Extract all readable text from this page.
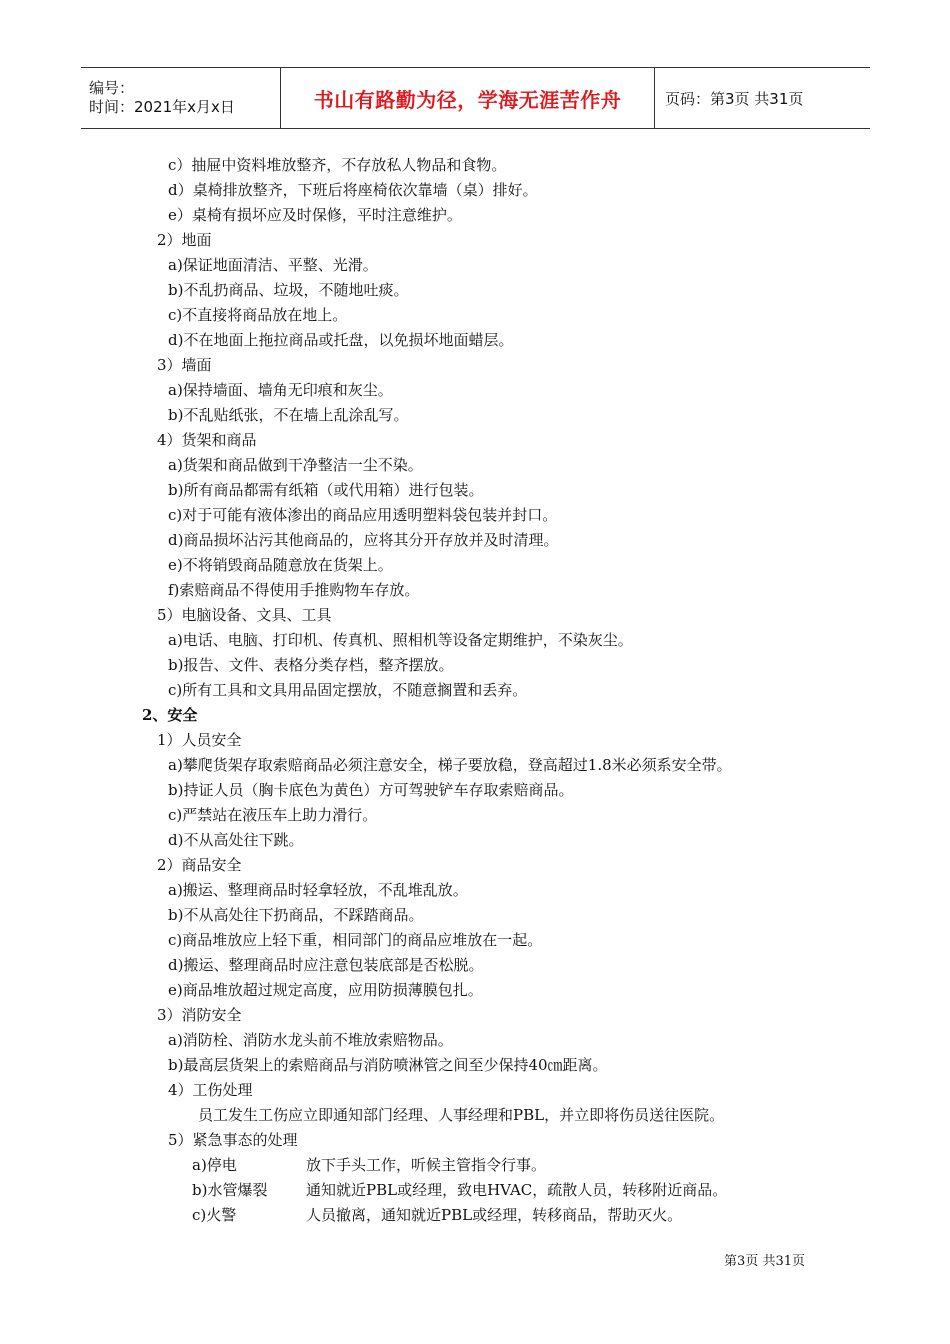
编号：
时间：2021年x月x日	书山有路勤为径，学海无涯苦作舟	页码：第3页 共31页
c）抽屉中资料堆放整齐，不存放私人物品和食物。
d）桌椅排放整齐，下班后将座椅依次靠墙（桌）排好。
e）桌椅有损坏应及时保修，平时注意维护。
2）地面
a)保证地面清洁、平整、光滑。
b)不乱扔商品、垃圾，不随地吐痰。
c)不直接将商品放在地上。
d)不在地面上拖拉商品或托盘，以免损坏地面蜡层。
3）墙面
a)保持墙面、墙角无印痕和灰尘。
b)不乱贴纸张，不在墙上乱涂乱写。
4）货架和商品
a)货架和商品做到干净整洁一尘不染。
b)所有商品都需有纸箱（或代用箱）进行包装。
c)对于可能有液体渗出的商品应用透明塑料袋包装并封口。
d)商品损坏沾污其他商品的，应将其分开存放并及时清理。
e)不将销毁商品随意放在货架上。
f)索赔商品不得使用手推购物车存放。
5）电脑设备、文具、工具
a)电话、电脑、打印机、传真机、照相机等设备定期维护，不染灰尘。
b)报告、文件、表格分类存档，整齐摆放。
c)所有工具和文具用品固定摆放，不随意搁置和丢弃。
2、安全
1）人员安全
a)攀爬货架存取索赔商品必须注意安全，梯子要放稳，登高超过1.8米必须系安全带。
b)持证人员（胸卡底色为黄色）方可驾驶铲车存取索赔商品。
c)严禁站在液压车上助力滑行。
d)不从高处往下跳。
2）商品安全
a)搬运、整理商品时轻拿轻放，不乱堆乱放。
b)不从高处往下扔商品，不踩踏商品。
c)商品堆放应上轻下重，相同部门的商品应堆放在一起。
d)搬运、整理商品时应注意包装底部是否松脱。
e)商品堆放超过规定高度，应用防损薄膜包扎。
3）消防安全
a)消防栓、消防水龙头前不堆放索赔物品。
b)最高层货架上的索赔商品与消防喷淋管之间至少保持40㎝距离。
4）工伤处理
员工发生工伤应立即通知部门经理、人事经理和PBL，并立即将伤员送往医院。
5）紧急事态的处理
a)停电	放下手头工作，听候主管指令行事。
b)水管爆裂	通知就近PBL或经理，致电HVAC，疏散人员，转移附近商品。
c)火警	人员撤离，通知就近PBL或经理，转移商品，帮助灭火。
第3页 共31页
